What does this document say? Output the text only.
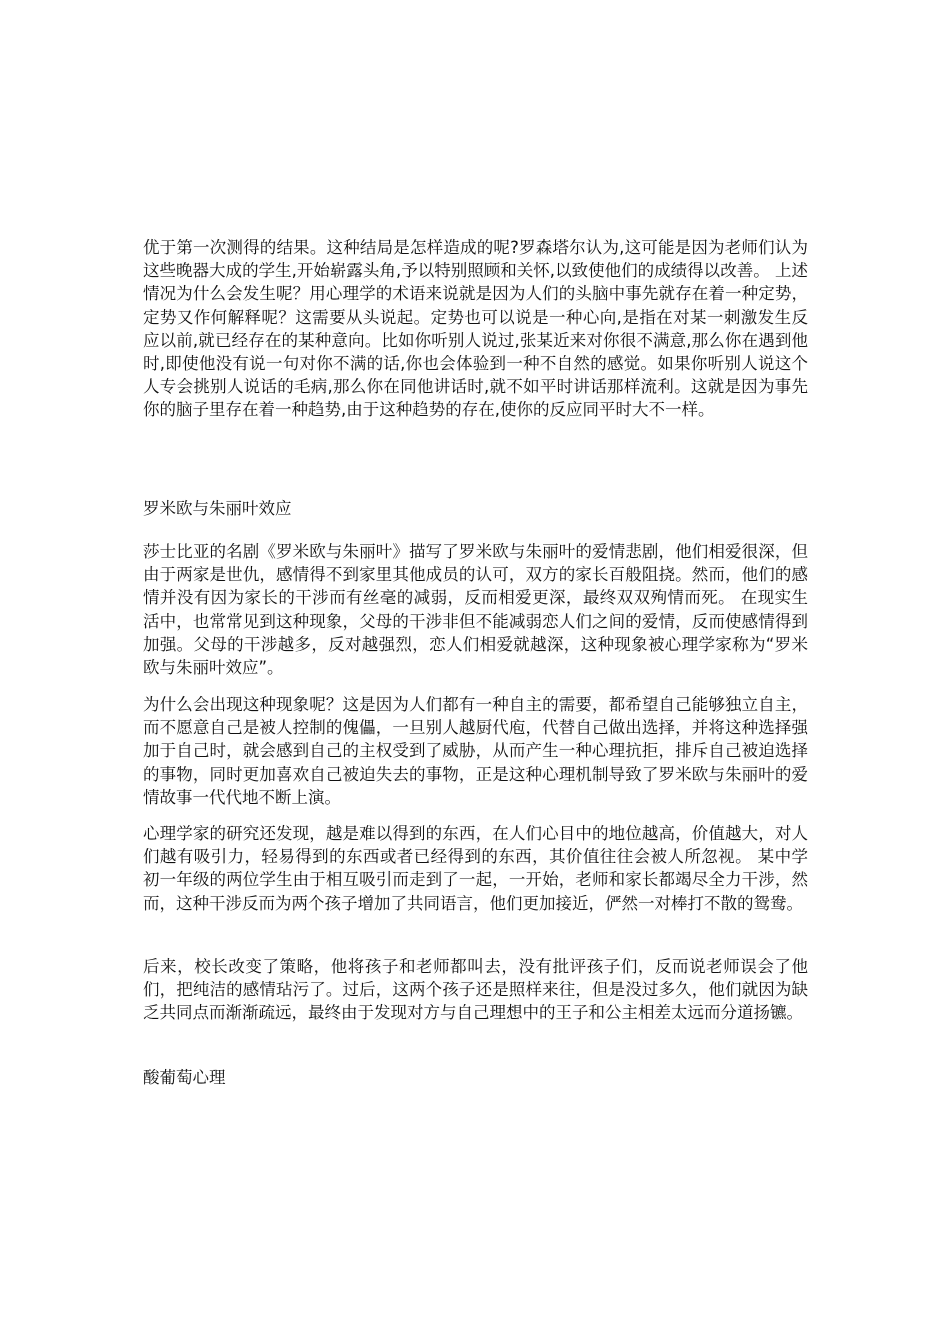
优于第一次测得的结果。这种结局是怎样造成的呢?罗森塔尔认为,这可能是因为老师们认为这些晚器大成的学生,开始崭露头角,予以特别照顾和关怀,以致使他们的成绩得以改善。 上述情况为什么会发生呢？用心理学的术语来说就是因为人们的头脑中事先就存在着一种定势，定势又作何解释呢？这需要从头说起。定势也可以说是一种心向,是指在对某一刺激发生反应以前,就已经存在的某种意向。比如你听别人说过,张某近来对你很不满意,那么你在遇到他时,即使他没有说一句对你不满的话,你也会体验到一种不自然的感觉。如果你听别人说这个人专会挑别人说话的毛病,那么你在同他讲话时,就不如平时讲话那样流利。这就是因为事先你的脑子里存在着一种趋势,由于这种趋势的存在,使你的反应同平时大不一样。

罗米欧与朱丽叶效应

莎士比亚的名剧《罗米欧与朱丽叶》描写了罗米欧与朱丽叶的爱情悲剧，他们相爱很深，但由于两家是世仇，感情得不到家里其他成员的认可，双方的家长百般阻挠。然而，他们的感情并没有因为家长的干涉而有丝毫的减弱，反而相爱更深，最终双双殉情而死。 在现实生活中，也常常见到这种现象，父母的干涉非但不能减弱恋人们之间的爱情，反而使感情得到加强。父母的干涉越多，反对越强烈，恋人们相爱就越深，这种现象被心理学家称为“罗米欧与朱丽叶效应”。

为什么会出现这种现象呢？这是因为人们都有一种自主的需要，都希望自己能够独立自主，而不愿意自己是被人控制的傀儡，一旦别人越厨代庖，代替自己做出选择，并将这种选择强加于自己时，就会感到自己的主权受到了威胁，从而产生一种心理抗拒，排斥自己被迫选择的事物，同时更加喜欢自己被迫失去的事物，正是这种心理机制导致了罗米欧与朱丽叶的爱情故事一代代地不断上演。

心理学家的研究还发现，越是难以得到的东西，在人们心目中的地位越高，价值越大，对人们越有吸引力，轻易得到的东西或者已经得到的东西，其价值往往会被人所忽视。 某中学初一年级的两位学生由于相互吸引而走到了一起，一开始，老师和家长都竭尽全力干涉，然而，这种干涉反而为两个孩子增加了共同语言，他们更加接近，俨然一对棒打不散的鸳鸯。

后来，校长改变了策略，他将孩子和老师都叫去，没有批评孩子们，反而说老师误会了他们，把纯洁的感情玷污了。过后，这两个孩子还是照样来往，但是没过多久，他们就因为缺乏共同点而渐渐疏远，最终由于发现对方与自己理想中的王子和公主相差太远而分道扬镳。

酸葡萄心理
